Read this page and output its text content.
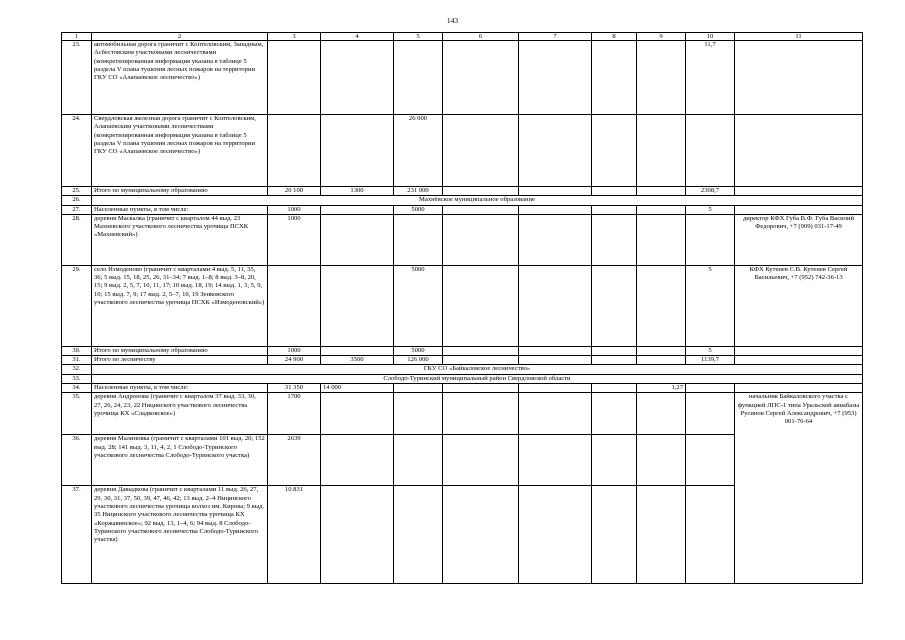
143
1	2	3	4	5	6	7	8	9	10	11
23.	автомобильная дорога граничит с Коптеловским, Западным, Асбестовским участковыми лесничествами (конкретизированная информация указана в таблице 5 раздела V плана тушения лесных пожаров на территории ГКУ СО «Алапаевское лесничество»)								11,7	
24.	Свердловская железная дорога граничит с Коптеловским, Алапаевским участковыми лесничествами (конкретизированная информация указана в таблице 5 раздела V плана тушения лесных пожаров на территории ГКУ СО «Алапаевское лесничество»)			26 000						
25.	Итого по муниципальному образованию	20 100	1300	231 000					2308,7	
26.	Махнёвское муниципальное образование									
27.	Населенные пункты, в том числе:	1000		5000					5	
28.	деревня Маскалка (граничит с кварталом 44 выд. 23 Махневского участкового лесничества урочища ПСХК «Махневский»)	1000								директор КФХ Губа В.Ф. Губа Василий Федорович, +7 (909) 031-17-49
29.	село Измоденово (граничит с кварталами 4 выд. 5, 11, 35, 36; 5 выд. 15, 18, 25, 26, 31–34; 7 выд. 1–8; 8 выд. 3–8, 20, 15; 9 выд. 2, 5, 7, 10, 11, 17; 10 выд. 18, 19; 14 выд. 1, 3, 5, 9, 10; 15 выд. 7, 9; 17 выд. 2, 5–7, 10, 19 Зенковского участкового лесничества урочища ПСХК «Измоденовский»)			5000					5	КФХ Кутенев С.В. Кутенев Сергей Васильевич, +7 (952) 742-36-13
30.	Итого по муниципальному образованию	1000		5000					5	
31.	Итого по лесничеству	24 900	3500	126 000					1139,7	
32.	ГКУ СО «Байкаловское лесничество»									
33.	Слободо-Туринский муниципальный район Свердловской области									
34.	Населенные пункты, в том числе:	31 350	14 000					1,27		
35.	деревня Андронова (граничит с кварталом 37 выд. 33, 30, 27, 26, 24, 23, 22 Ницинского участкового лесничества урочища КХ «Сладковское»)	1700								начальник Байкаловского участка с функцией ЛПС-1 типа Уральской авиабазы Русинов Сергей Александрович, +7 (953) 001-76-64
36.	деревня Малиновка (граничит с кварталами 101 выд. 20; 152 выд. 28; 141 выд. 3, 11, 4, 2, 1 Слободо-Туринского участкового лесничества Слободо-Туринского участка)	2639								
37.	деревня Давыдкова (граничит с кварталами 11 выд. 26, 27, 29, 30, 31, 37, 50, 39, 47, 46, 42; 13 выд. 2–4 Ницинского участкового лесничества урочища колхоз им. Кирова; 9 выд. 35 Ницинского участкового лесничества урочища КХ «Коржавинское»; 92 выд. 13, 1–4, 6; 94 выд. 8 Слободо-Туринского участкового лесничества Слободо-Туринского участка)	10 831								
